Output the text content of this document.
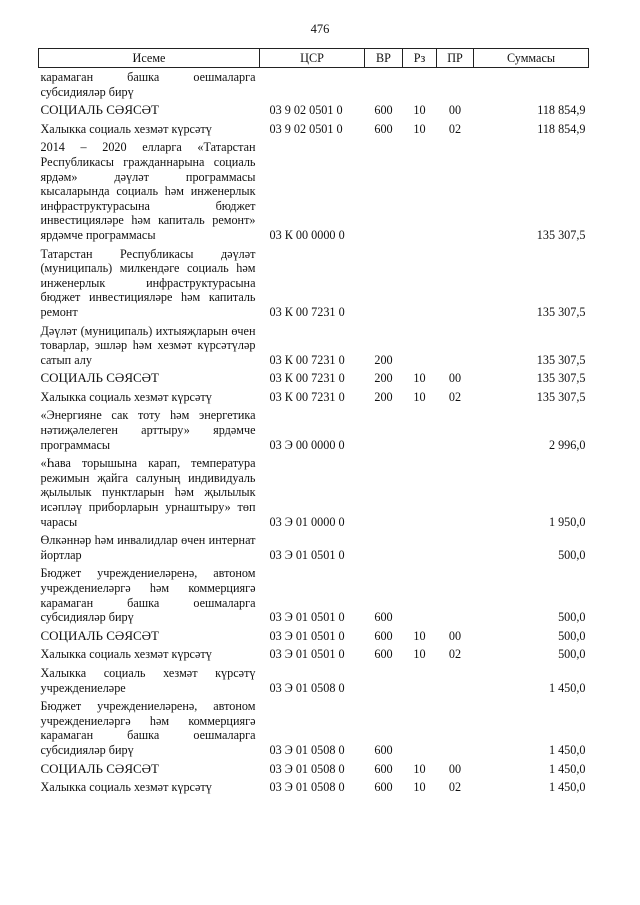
476
Исеме	ЦСР	ВР	Рз	ПР	Суммасы
карамаган башка оешмаларга субсидияләр бирү					
СОЦИАЛЬ СӘЯСӘТ	03 9 02 0501 0	600	10	00	118 854,9
Халыкка социаль хезмәт күрсәтү	03 9 02 0501 0	600	10	02	118 854,9
2014 – 2020 елларга «Татарстан Республикасы гражданнарына социаль ярдәм» дәүләт программасы кысаларында социаль һәм инженерлык инфраструктурасына бюджет инвестицияләре һәм капиталь ремонт» ярдәмче программасы	03 К 00 0000 0				135 307,5
Татарстан Республикасы дәүләт (муниципаль) милкендәге социаль һәм инженерлык инфраструктурасына бюджет инвестицияләре һәм капиталь ремонт	03 К 00 7231 0				135 307,5
Дәүләт (муниципаль) ихтыяҗларын өчен товарлар, эшләр һәм хезмәт күрсәтүләр сатып алу	03 К 00 7231 0	200			135 307,5
СОЦИАЛЬ СӘЯСӘТ	03 К 00 7231 0	200	10	00	135 307,5
Халыкка социаль хезмәт күрсәтү	03 К 00 7231 0	200	10	02	135 307,5
«Энергияне сак тоту һәм энергетика нәтиҗәлелеген арттыру» ярдәмче программасы	03 Э 00 0000 0				2 996,0
«Һава торышына карап, температура режимын җайга салуның индивидуаль җылылык пунктларын һәм җылылык исәпләү приборларын урнаштыру» төп чарасы	03 Э 01 0000 0				1 950,0
Өлкәннәр һәм инвалидлар өчен интернат йортлар	03 Э 01 0501 0				500,0
Бюджет учреждениеләренә, автоном учреждениеләргә һәм коммерциягә карамаган башка оешмаларга субсидияләр бирү	03 Э 01 0501 0	600			500,0
СОЦИАЛЬ СӘЯСӘТ	03 Э 01 0501 0	600	10	00	500,0
Халыкка социаль хезмәт күрсәтү	03 Э 01 0501 0	600	10	02	500,0
Халыкка социаль хезмәт күрсәтү учреждениеләре	03 Э 01 0508 0				1 450,0
Бюджет учреждениеләренә, автоном учреждениеләргә һәм коммерциягә карамаган башка оешмаларга субсидияләр бирү	03 Э 01 0508 0	600			1 450,0
СОЦИАЛЬ СӘЯСӘТ	03 Э 01 0508 0	600	10	00	1 450,0
Халыкка социаль хезмәт күрсәтү	03 Э 01 0508 0	600	10	02	1 450,0
